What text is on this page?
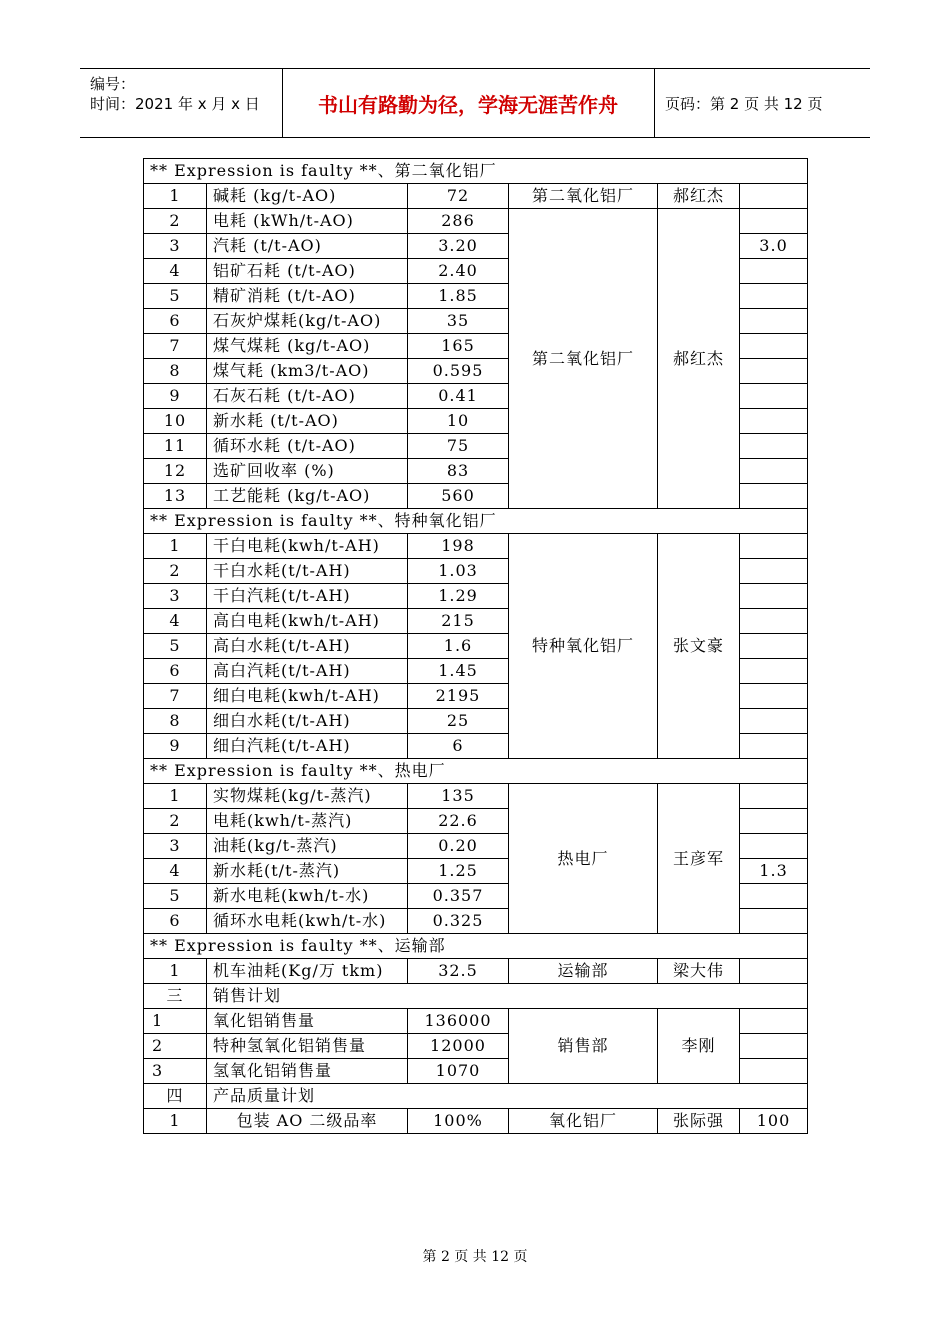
编号：
时间：2021 年 x 月 x 日	书山有路勤为径，学海无涯苦作舟	页码：第 2 页 共 12 页
** Expression is faulty **、第二氧化铝厂					
1	碱耗 (kg/t-AO)	72	第二氧化铝厂	郝红杰	
2	电耗 (kWh/t-AO)	286	第二氧化铝厂	郝红杰	
3	汽耗 (t/t-AO)	3.20			3.0
4	铝矿石耗 (t/t-AO)	2.40			
5	精矿消耗 (t/t-AO)	1.85			
6	石灰炉煤耗(kg/t-AO)	35			
7	煤气煤耗 (kg/t-AO)	165			
8	煤气耗 (km3/t-AO)	0.595			
9	石灰石耗 (t/t-AO)	0.41			
10	新水耗 (t/t-AO)	10			
11	循环水耗 (t/t-AO)	75			
12	选矿回收率 (%)	83			
13	工艺能耗 (kg/t-AO)	560			
** Expression is faulty **、特种氧化铝厂					
1	干白电耗(kwh/t-AH)	198	特种氧化铝厂	张文豪	
2	干白水耗(t/t-AH)	1.03			
3	干白汽耗(t/t-AH)	1.29			
4	高白电耗(kwh/t-AH)	215			
5	高白水耗(t/t-AH)	1.6			
6	高白汽耗(t/t-AH)	1.45			
7	细白电耗(kwh/t-AH)	2195			
8	细白水耗(t/t-AH)	25			
9	细白汽耗(t/t-AH)	6			
** Expression is faulty **、热电厂					
1	实物煤耗(kg/t-蒸汽)	135	热电厂	王彦军	
2	电耗(kwh/t-蒸汽)	22.6			
3	油耗(kg/t-蒸汽)	0.20			
4	新水耗(t/t-蒸汽)	1.25			1.3
5	新水电耗(kwh/t-水)	0.357			
6	循环水电耗(kwh/t-水)	0.325			
** Expression is faulty **、运输部					
1	机车油耗(Kg/万 tkm)	32.5	运输部	梁大伟	
三	销售计划				
1	氧化铝销售量	136000	销售部	李刚	
2	特种氢氧化铝销售量	12000			
3	氢氧化铝销售量	1070			
四	产品质量计划				
1	包装 AO 二级品率	100%	氧化铝厂	张际强	100
第 2 页 共 12 页
